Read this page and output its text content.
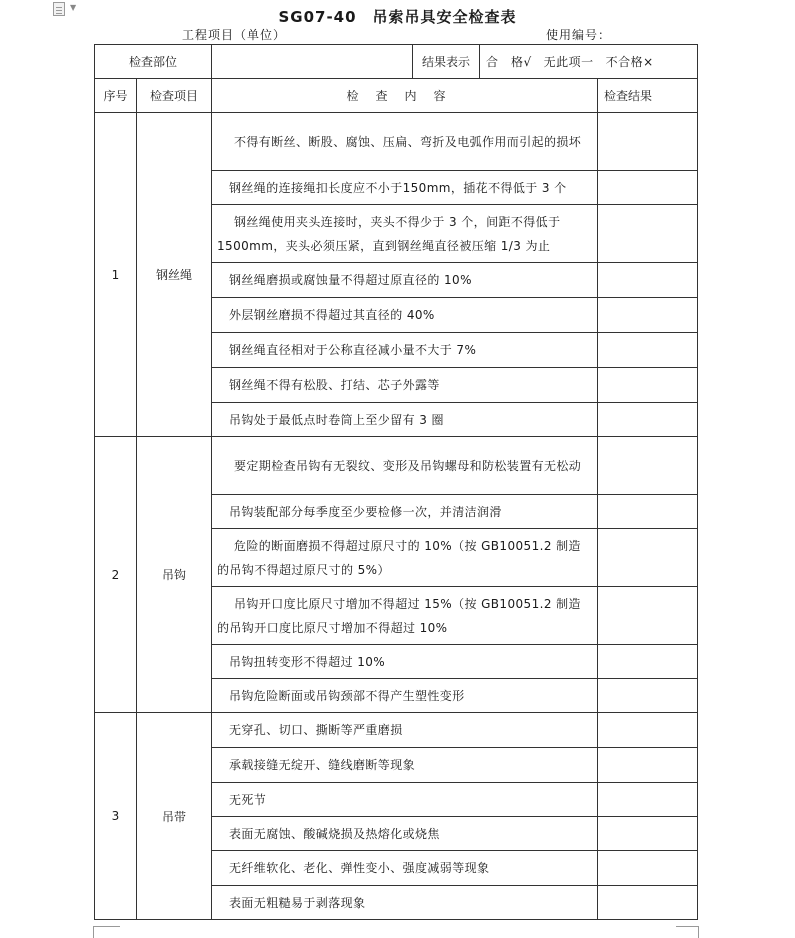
▼
SG07-40　吊索吊具安全检查表
工程项目（单位）	使用编号：
检查部位		结果表示 合　格√ 无此项一 不合格×	

序号	检查项目	检查内容	检查结果
1	钢丝绳	不得有断丝、断股、腐蚀、压扁、弯折及电弧作用而引起的损坏	
		钢丝绳的连接绳扣长度应不小于150mm，插花不得低于 3 个	
		钢丝绳使用夹头连接时，夹头不得少于 3 个，间距不得低于 1500mm，夹头必须压紧，直到钢丝绳直径被压缩 1/3 为止	
		钢丝绳磨损或腐蚀量不得超过原直径的 10%	
		外层钢丝磨损不得超过其直径的 40%	
		钢丝绳直径相对于公称直径减小量不大于 7%	
		钢丝绳不得有松股、打结、芯子外露等	
		吊钩处于最低点时卷筒上至少留有 3 圈	
2	吊钩	要定期检查吊钩有无裂纹、变形及吊钩螺母和防松装置有无松动	
		吊钩装配部分每季度至少要检修一次，并清洁润滑	
		危险的断面磨损不得超过原尺寸的 10%（按 GB10051.2 制造的吊钩不得超过原尺寸的 5%）	
		吊钩开口度比原尺寸增加不得超过 15%（按 GB10051.2 制造的吊钩开口度比原尺寸增加不得超过 10%	
		吊钩扭转变形不得超过 10%	
		吊钩危险断面或吊钩颈部不得产生塑性变形	
3	吊带	无穿孔、切口、撕断等严重磨损	
		承载接缝无绽开、缝线磨断等现象	
		无死节	
		表面无腐蚀、酸碱烧损及热熔化或烧焦	
		无纤维软化、老化、弹性变小、强度减弱等现象	
		表面无粗糙易于剥落现象	
